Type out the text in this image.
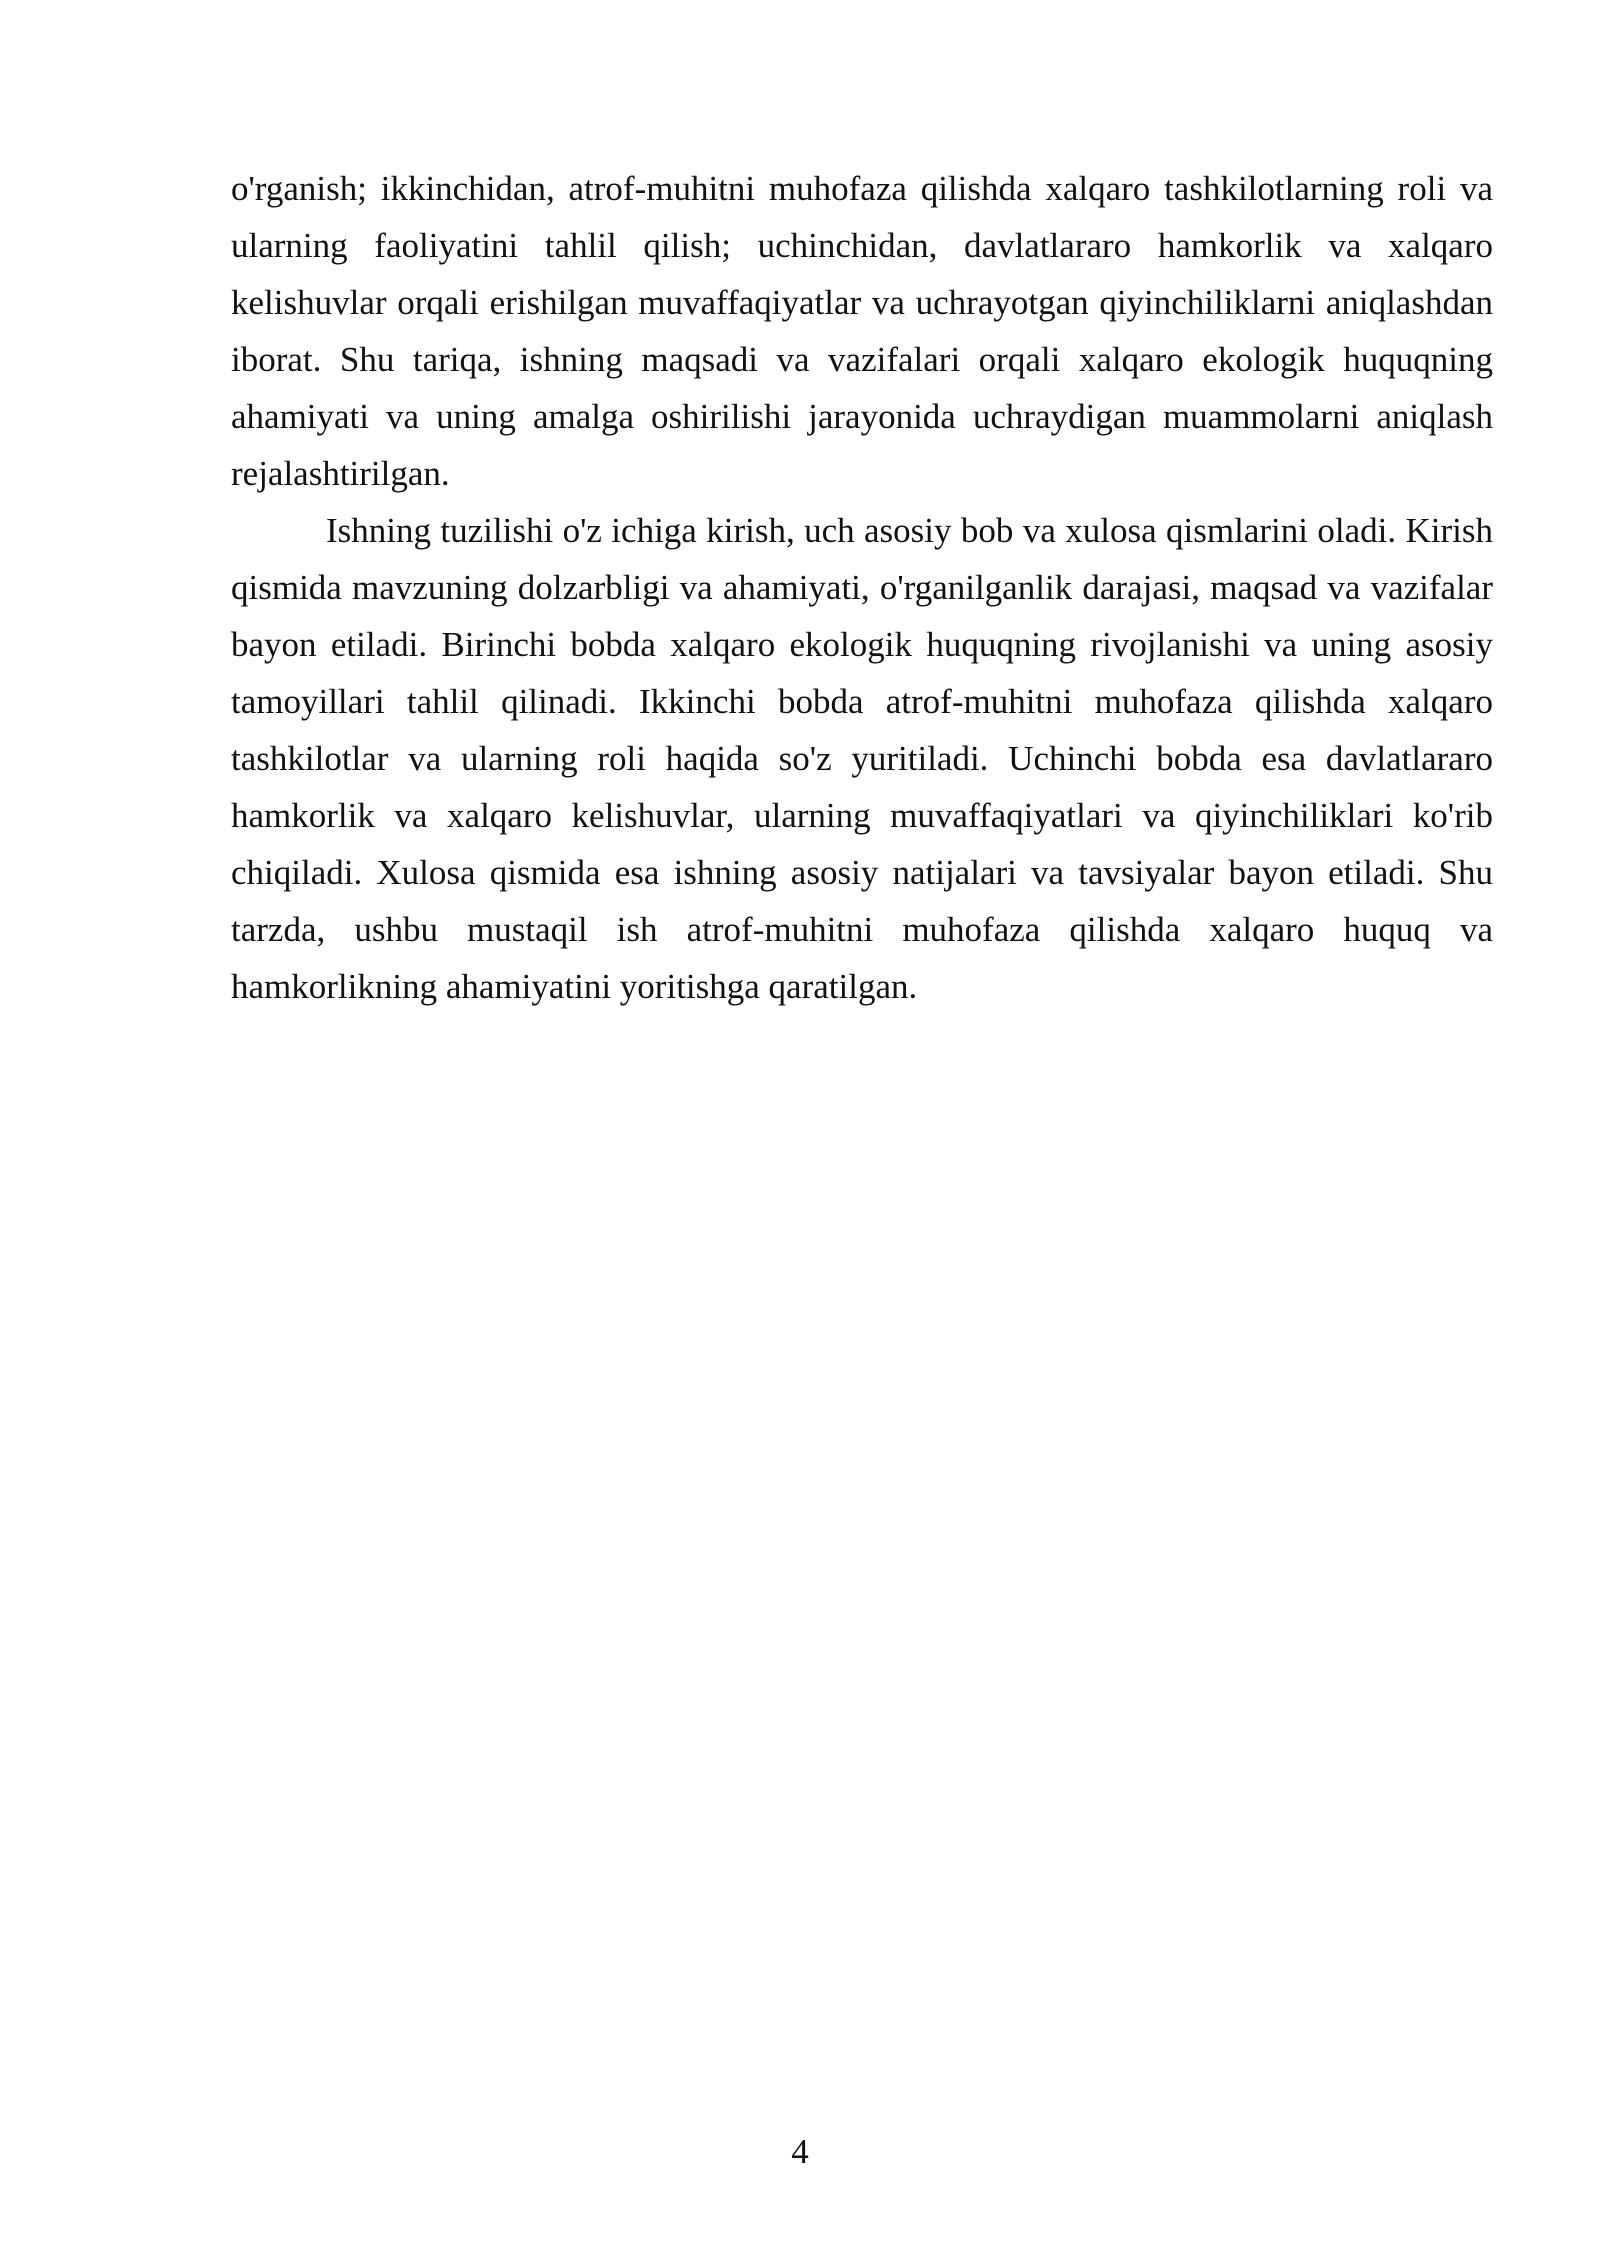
o'rganish; ikkinchidan, atrof-muhitni muhofaza qilishda xalqaro tashkilotlarning roli va ularning faoliyatini tahlil qilish; uchinchidan, davlatlararo hamkorlik va xalqaro kelishuvlar orqali erishilgan muvaffaqiyatlar va uchrayotgan qiyinchiliklarni aniqlashdan iborat. Shu tariqa, ishning maqsadi va vazifalari orqali xalqaro ekologik huquqning ahamiyati va uning amalga oshirilishi jarayonida uchraydigan muammolarni aniqlash rejalashtirilgan.

Ishning tuzilishi o'z ichiga kirish, uch asosiy bob va xulosa qismlarini oladi. Kirish qismida mavzuning dolzarbligi va ahamiyati, o'rganilganlik darajasi, maqsad va vazifalar bayon etiladi. Birinchi bobda xalqaro ekologik huquqning rivojlanishi va uning asosiy tamoyillari tahlil qilinadi. Ikkinchi bobda atrof-muhitni muhofaza qilishda xalqaro tashkilotlar va ularning roli haqida so'z yuritiladi. Uchinchi bobda esa davlatlararo hamkorlik va xalqaro kelishuvlar, ularning muvaffaqiyatlari va qiyinchiliklari ko'rib chiqiladi. Xulosa qismida esa ishning asosiy natijalari va tavsiyalar bayon etiladi. Shu tarzda, ushbu mustaqil ish atrof-muhitni muhofaza qilishda xalqaro huquq va hamkorlikning ahamiyatini yoritishga qaratilgan.

4
